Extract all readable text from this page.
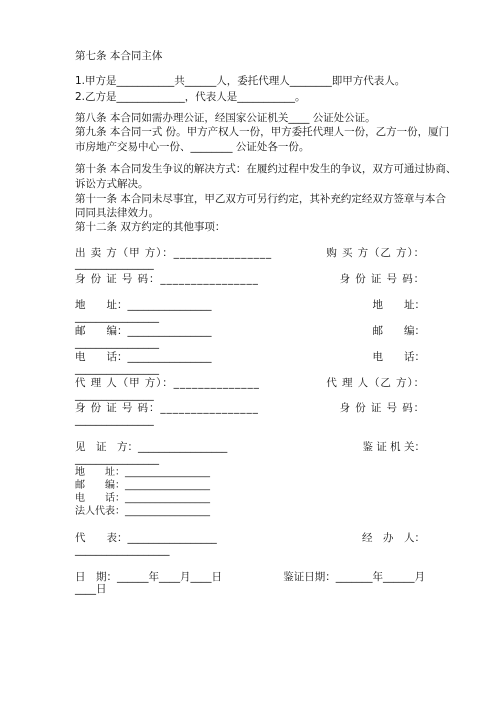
第七条 本合同主体
1.甲方是___________共______人，委托代理人________即甲方代表人。
2.乙方是_____________，代表人是___________。
第八条 本合同如需办理公证，经国家公证机关____ 公证处公证。
第九条 本合同一式 份。甲方产权人一份，甲方委托代理人一份，乙方一份，厦门
市房地产交易中心一份、________ 公证处各一份。
第十条 本合同发生争议的解决方式：在履约过程中发生的争议，双方可通过协商、
诉讼方式解决。
第十一条 本合同未尽事宜，甲乙双方可另行约定，其补充约定经双方签章与本合
同同具法律效力。
第十二条 双方约定的其他事项：
出 卖 方（甲 方）：________________	购 买 方（乙 方）：
_______________
身 份 证 号 码：________________	身 份 证 号 码：
地　　址：________________	地　　址：
________________
邮　　编：________________	邮　　编：
________________
电　　话：________________	电　　话：
________________
代 理 人（甲 方）：______________	代 理 人（乙 方）：
_______________
身 份 证 号 码：________________	身 份 证 号 码：
_______________
见　证　方：_________________	鉴 证 机 关：
________________
地　　址：_________________
邮　　编：_________________
电　　话：_________________
法人代表：_________________
代　　表：_________________	经　办　人：
__________________
日　期：______年____月____日	鉴证日期：_______年______月
____日
